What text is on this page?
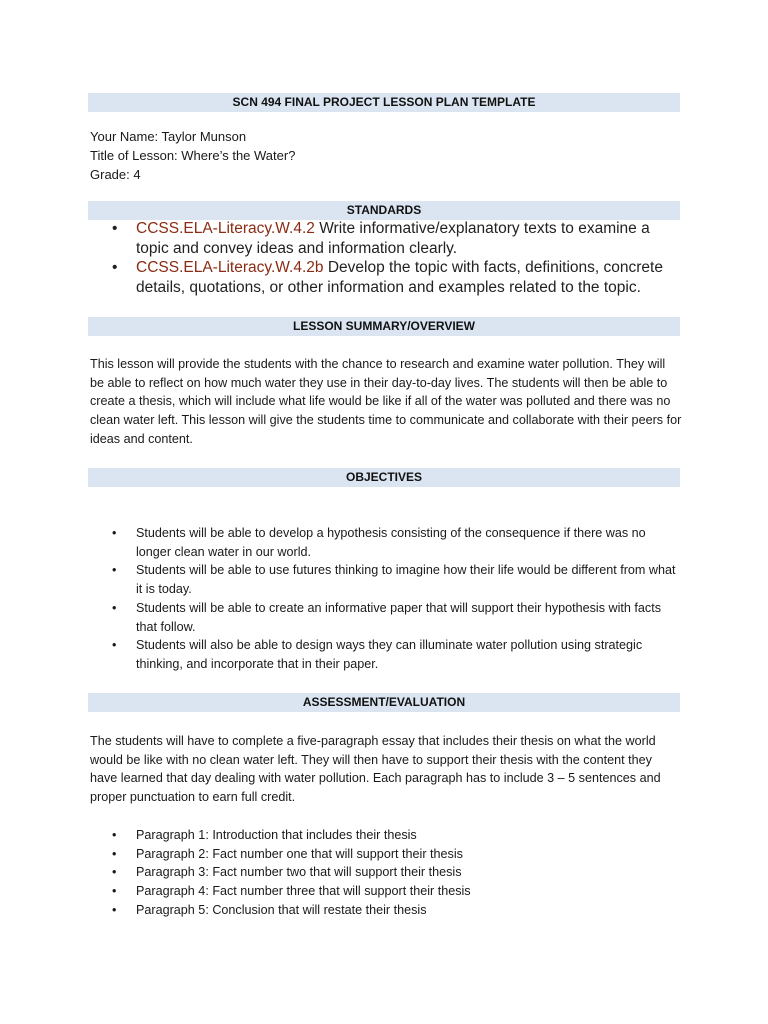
SCN 494 FINAL PROJECT LESSON PLAN TEMPLATE
Your Name: Taylor Munson
Title of Lesson: Where’s the Water?
Grade: 4
STANDARDS
• CCSS.ELA-Literacy.W.4.2 Write informative/explanatory texts to examine a topic and convey ideas and information clearly.
• CCSS.ELA-Literacy.W.4.2b Develop the topic with facts, definitions, concrete details, quotations, or other information and examples related to the topic.
LESSON SUMMARY/OVERVIEW

This lesson will provide the students with the chance to research and examine water pollution. They will be able to reflect on how much water they use in their day-to-day lives. The students will then be able to create a thesis, which will include what life would be like if all of the water was polluted and there was no clean water left. This lesson will give the students time to communicate and collaborate with their peers for ideas and content.

OBJECTIVES
• Students will be able to develop a hypothesis consisting of the consequence if there was no longer clean water in our world.
• Students will be able to use futures thinking to imagine how their life would be different from what it is today.
• Students will be able to create an informative paper that will support their hypothesis with facts that follow.
• Students will also be able to design ways they can illuminate water pollution using strategic thinking, and incorporate that in their paper.
ASSESSMENT/EVALUATION

The students will have to complete a five-paragraph essay that includes their thesis on what the world would be like with no clean water left. They will then have to support their thesis with the content they have learned that day dealing with water pollution. Each paragraph has to include 3 – 5 sentences and proper punctuation to earn full credit.

• Paragraph 1: Introduction that includes their thesis
• Paragraph 2: Fact number one that will support their thesis
• Paragraph 3: Fact number two that will support their thesis
• Paragraph 4: Fact number three that will support their thesis
• Paragraph 5: Conclusion that will restate their thesis
